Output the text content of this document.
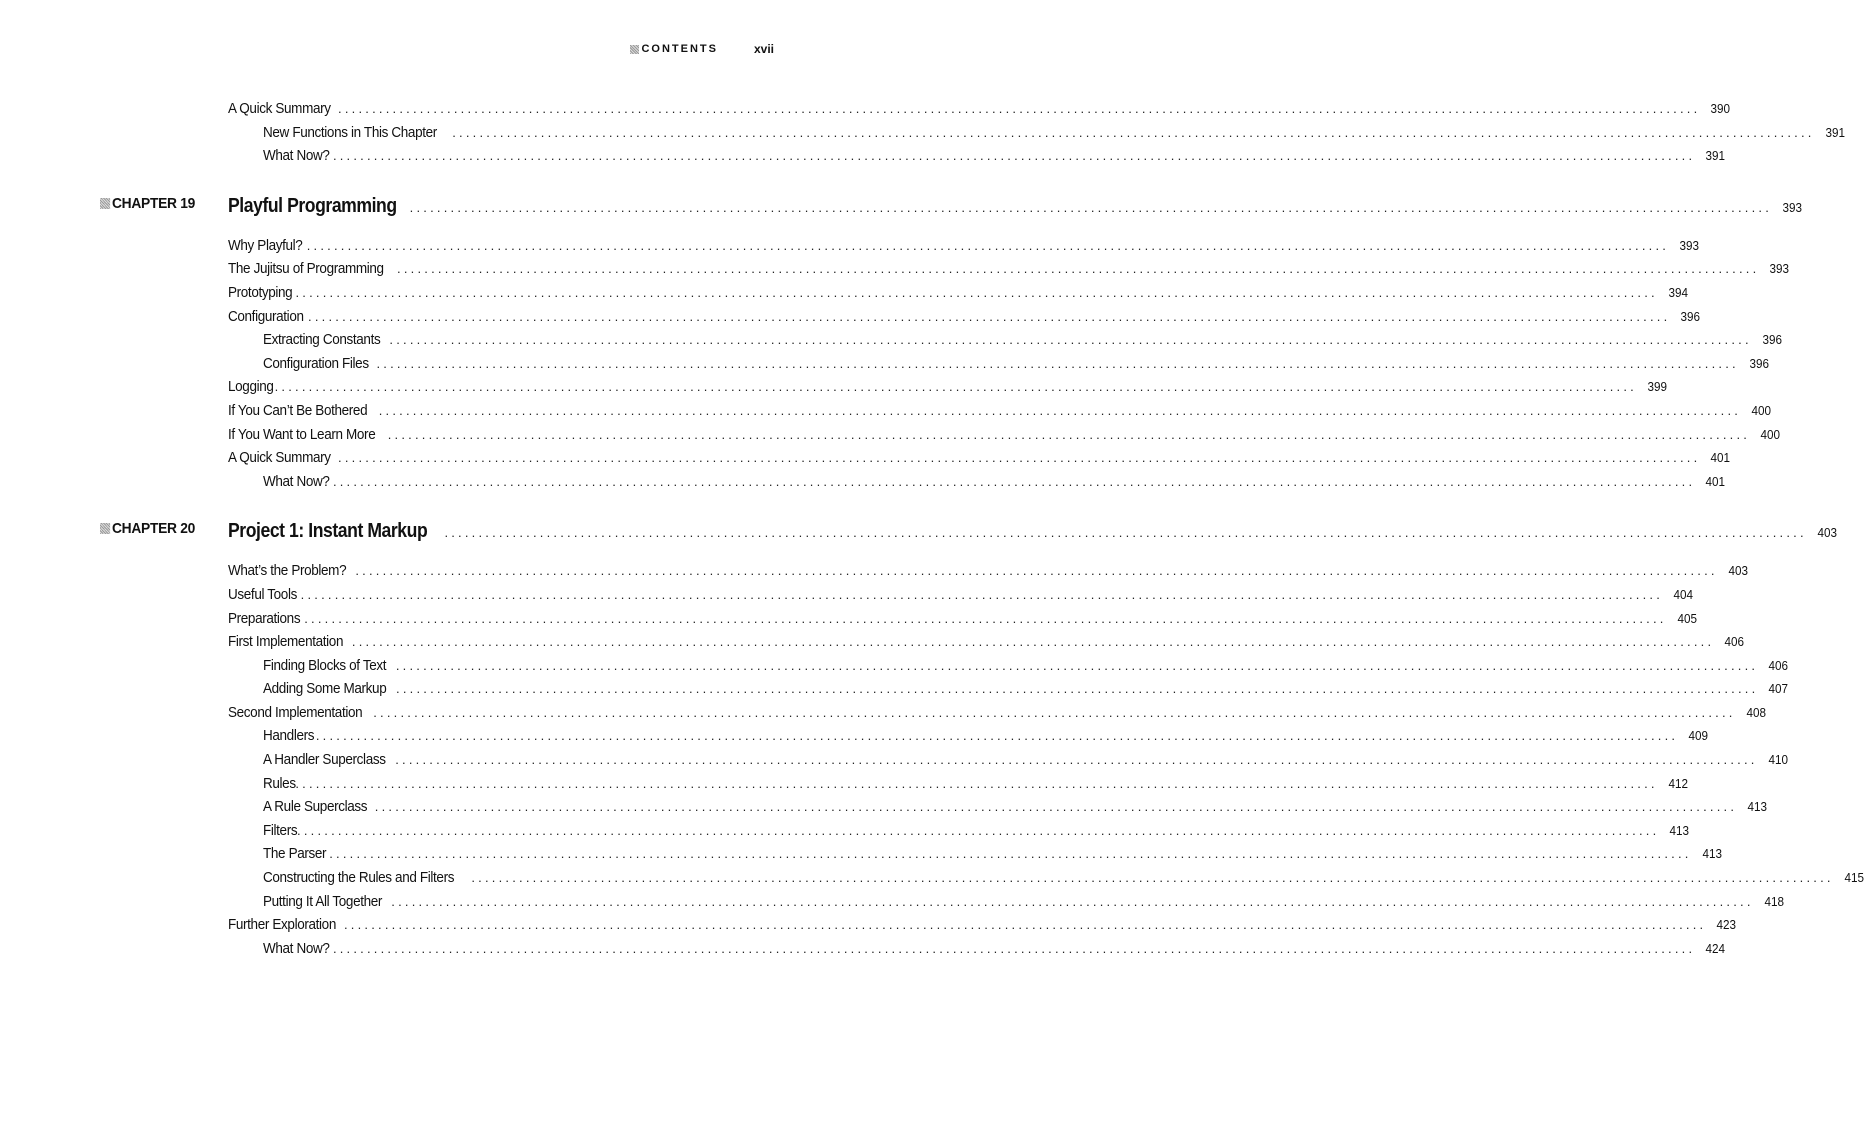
CONTENTS	xvii
A Quick Summary ........................................................................................................................................................................................................ 390
New Functions in This Chapter ........................................................................................................................................................................................................ 391
What Now? ........................................................................................................................................................................................................ 391
CHAPTER 19 Playful Programming ........................................................................................................................................................................................................ 393
Why Playful? ........................................................................................................................................................................................................ 393
The Jujitsu of Programming ........................................................................................................................................................................................................ 393
Prototyping ........................................................................................................................................................................................................ 394
Configuration ........................................................................................................................................................................................................ 396
Extracting Constants ........................................................................................................................................................................................................ 396
Configuration Files ........................................................................................................................................................................................................ 396
Logging ........................................................................................................................................................................................................ 399
If You Can’t Be Bothered ........................................................................................................................................................................................................ 400
If You Want to Learn More ........................................................................................................................................................................................................ 400
A Quick Summary ........................................................................................................................................................................................................ 401
What Now? ........................................................................................................................................................................................................ 401
CHAPTER 20 Project 1: Instant Markup ........................................................................................................................................................................................................ 403
What’s the Problem? ........................................................................................................................................................................................................ 403
Useful Tools ........................................................................................................................................................................................................ 404
Preparations ........................................................................................................................................................................................................ 405
First Implementation ........................................................................................................................................................................................................ 406
Finding Blocks of Text ........................................................................................................................................................................................................ 406
Adding Some Markup ........................................................................................................................................................................................................ 407
Second Implementation ........................................................................................................................................................................................................ 408
Handlers ........................................................................................................................................................................................................ 409
A Handler Superclass ........................................................................................................................................................................................................ 410
Rules ........................................................................................................................................................................................................ 412
A Rule Superclass ........................................................................................................................................................................................................ 413
Filters ........................................................................................................................................................................................................ 413
The Parser ........................................................................................................................................................................................................ 413
Constructing the Rules and Filters ........................................................................................................................................................................................................ 415
Putting It All Together ........................................................................................................................................................................................................ 418
Further Exploration ........................................................................................................................................................................................................ 423
What Now? ........................................................................................................................................................................................................ 424
